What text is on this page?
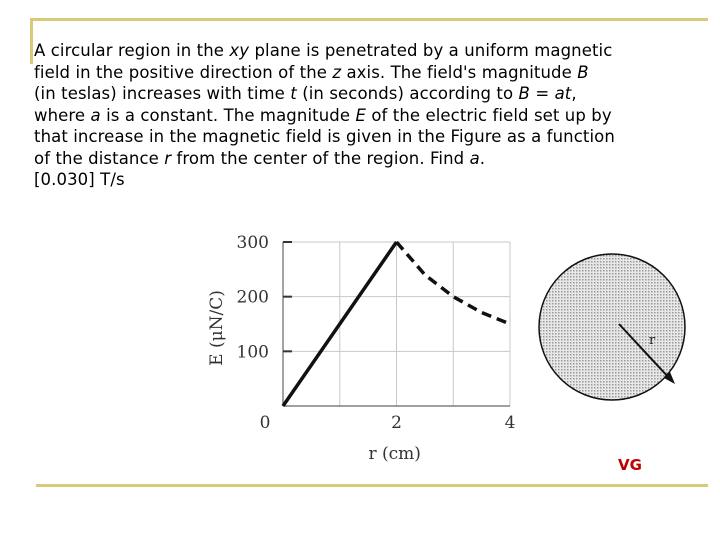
A circular region in the xy plane is penetrated by a uniform magnetic
field in the positive direction of the z axis. The field's magnitude B
(in teslas) increases with time t (in seconds) according to B = at,
where a is a constant. The magnitude E of the electric field set up by
that increase in the magnetic field is given in the Figure as a function
of the distance r from the center of the region. Find a.
[0.030] T/s

100
200
300
0	2	4
r (cm)
E (μN/C)	r
VG
